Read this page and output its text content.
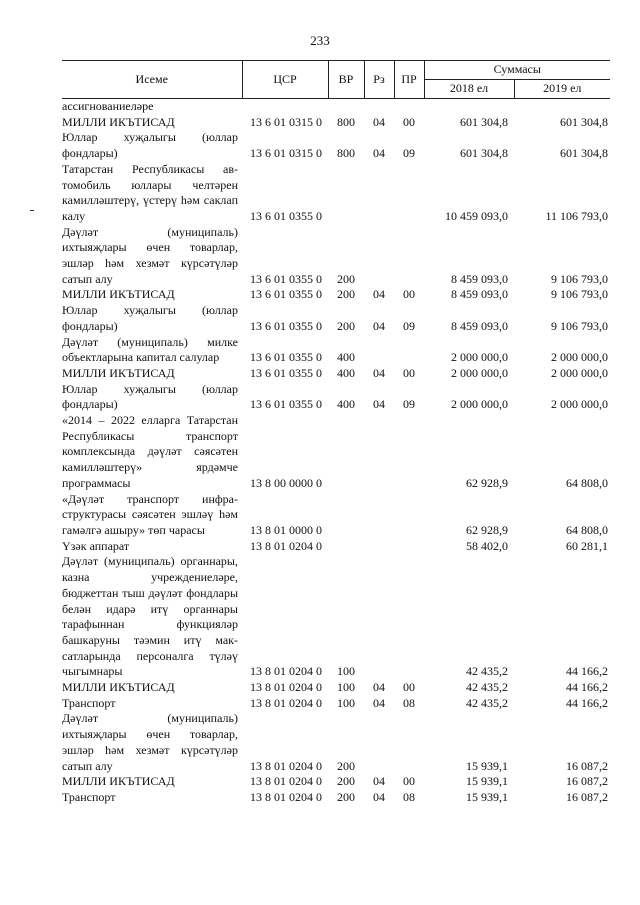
233
Исеме	ЦСР	ВР	Рз	ПР	Суммасы	
					2018 ел	2019 ел
ассигнованиеләре						
МИЛЛИ ИКЪТИСАД	13 6 01 0315 0	800	04	00	601 304,8	601 304,8
Юллар хуҗалыгы (юллар фондлары)	13 6 01 0315 0	800	04	09	601 304,8	601 304,8
Татарстан Республикасы автомобиль юллары челтәрен камилләштерү, үстерү һәм саклап калу	13 6 01 0355 0				10 459 093,0	11 106 793,0
Дәүләт (муниципаль) ихтыяҗлары өчен товарлар, эшләр һәм хезмәт күрсәтүләр сатып алу	13 6 01 0355 0	200			8 459 093,0	9 106 793,0
МИЛЛИ ИКЪТИСАД	13 6 01 0355 0	200	04	00	8 459 093,0	9 106 793,0
Юллар хуҗалыгы (юллар фондлары)	13 6 01 0355 0	200	04	09	8 459 093,0	9 106 793,0
Дәүләт (муниципаль) милке объектларына капитал салулар	13 6 01 0355 0	400			2 000 000,0	2 000 000,0
МИЛЛИ ИКЪТИСАД	13 6 01 0355 0	400	04	00	2 000 000,0	2 000 000,0
Юллар хуҗалыгы (юллар фондлары)	13 6 01 0355 0	400	04	09	2 000 000,0	2 000 000,0
«2014 – 2022 елларга Татарстан Республикасы транспорт комплексында дәүләт сәясәтен камилләштерү» ярдәмче программасы	13 8 00 0000 0				62 928,9	64 808,0
«Дәүләт транспорт инфраструктурасы сәясәтен эшләү һәм гамәлгә ашыру» төп чарасы	13 8 01 0000 0				62 928,9	64 808,0
Үзәк аппарат	13 8 01 0204 0				58 402,0	60 281,1
Дәүләт (муниципаль) органнары, казна учреждениеләре, бюджеттан тыш дәүләт фондлары белән идарә итү органнары тарафыннан функцияләр башкаруны тәэмин итү максатларында персоналга түләү чыгымнары	13 8 01 0204 0	100			42 435,2	44 166,2
МИЛЛИ ИКЪТИСАД	13 8 01 0204 0	100	04	00	42 435,2	44 166,2
Транспорт	13 8 01 0204 0	100	04	08	42 435,2	44 166,2
Дәүләт (муниципаль) ихтыяҗлары өчен товарлар, эшләр һәм хезмәт күрсәтүләр сатып алу	13 8 01 0204 0	200			15 939,1	16 087,2
МИЛЛИ ИКЪТИСАД	13 8 01 0204 0	200	04	00	15 939,1	16 087,2
Транспорт	13 8 01 0204 0	200	04	08	15 939,1	16 087,2
